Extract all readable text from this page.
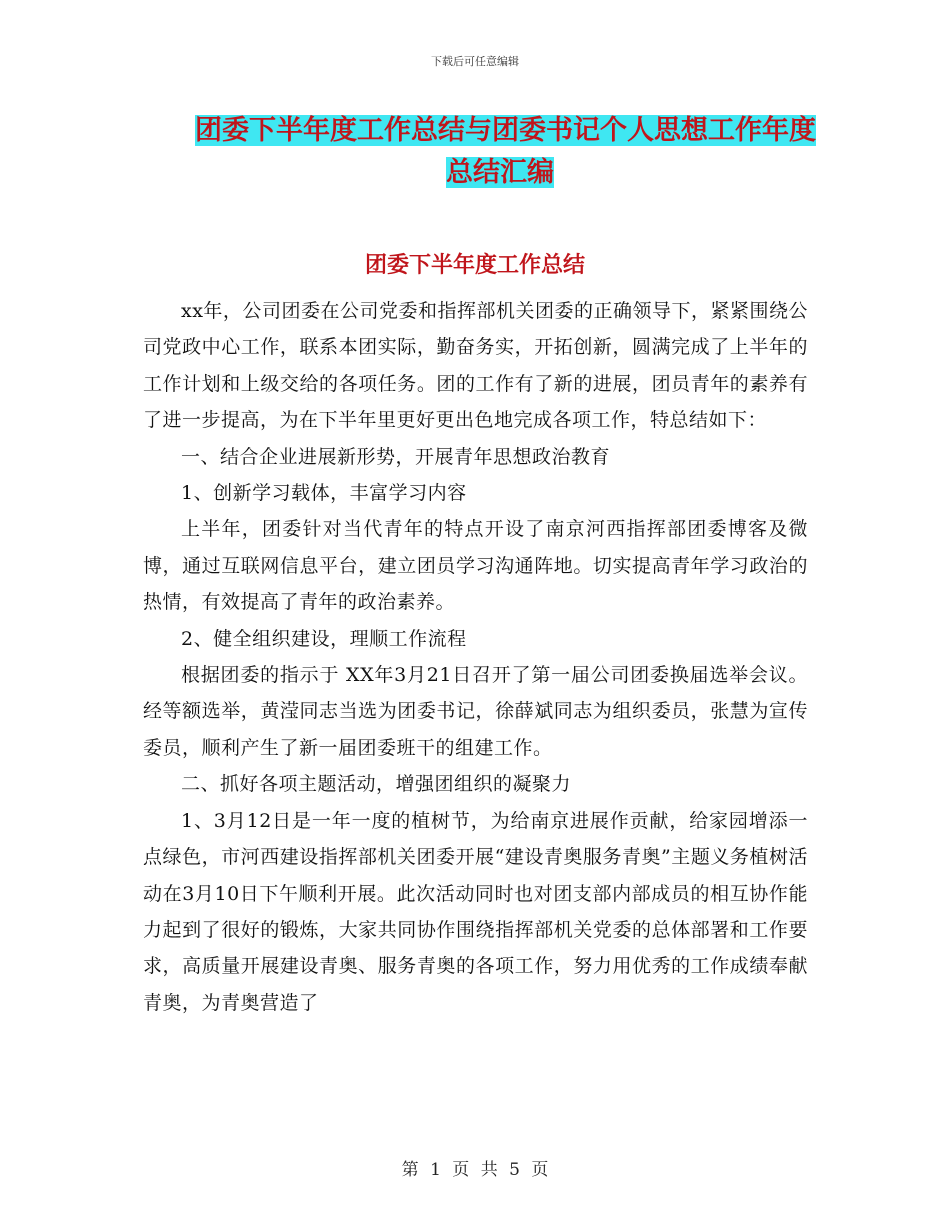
下载后可任意编辑
团委下半年度工作总结与团委书记个人思想工作年度
总结汇编
团委下半年度工作总结

xx年，公司团委在公司党委和指挥部机关团委的正确领导下，紧紧围绕公司党政中心工作，联系本团实际，勤奋务实，开拓创新，圆满完成了上半年的工作计划和上级交给的各项任务。团的工作有了新的进展，团员青年的素养有了进一步提高，为在下半年里更好更出色地完成各项工作，特总结如下：

一、结合企业进展新形势，开展青年思想政治教育

1、创新学习载体，丰富学习内容

上半年，团委针对当代青年的特点开设了南京河西指挥部团委博客及微博，通过互联网信息平台，建立团员学习沟通阵地。切实提高青年学习政治的热情，有效提高了青年的政治素养。

2、健全组织建设，理顺工作流程

根据团委的指示于 XX年3月21日召开了第一届公司团委换届选举会议。经等额选举，黄滢同志当选为团委书记，徐薛斌同志为组织委员，张慧为宣传委员，顺利产生了新一届团委班干的组建工作。

二、抓好各项主题活动，增强团组织的凝聚力

1、3月12日是一年一度的植树节，为给南京进展作贡献，给家园增添一点绿色，市河西建设指挥部机关团委开展“建设青奥服务青奥”主题义务植树活动在3月10日下午顺利开展。此次活动同时也对团支部内部成员的相互协作能力起到了很好的锻炼，大家共同协作围绕指挥部机关党委的总体部署和工作要求，高质量开展建设青奥、服务青奥的各项工作，努力用优秀的工作成绩奉献青奥，为青奥营造了

第 1 页 共 5 页
